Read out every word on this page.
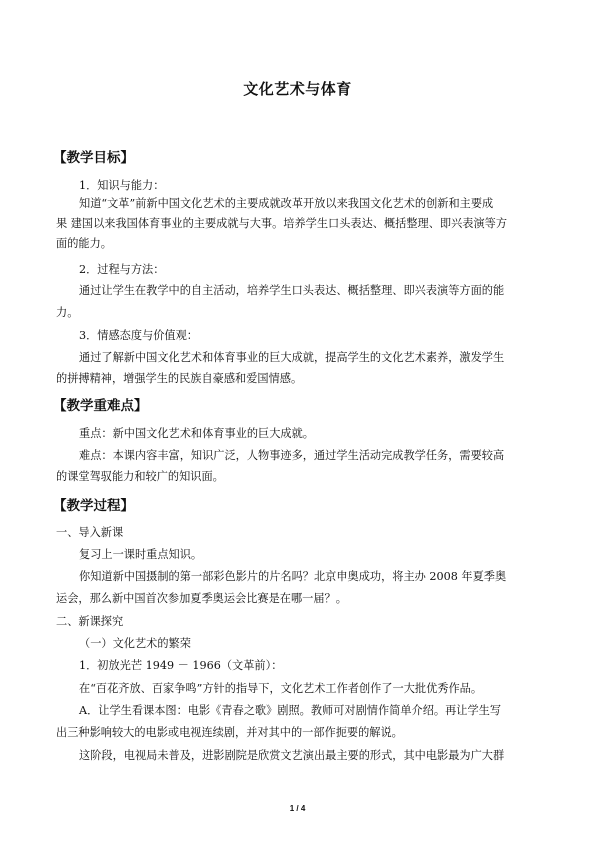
文化艺术与体育
【教学目标】
1．知识与能力：
知道“文革”前新中国文化艺术的主要成就改革开放以来我国文化艺术的创新和主要成
果 建国以来我国体育事业的主要成就与大事。培养学生口头表达、概括整理、即兴表演等方
面的能力。
2．过程与方法：
通过让学生在教学中的自主活动，培养学生口头表达、概括整理、即兴表演等方面的能
力。
3．情感态度与价值观：
通过了解新中国文化艺术和体育事业的巨大成就，提高学生的文化艺术素养，激发学生
的拼搏精神，增强学生的民族自豪感和爱国情感。
【教学重难点】
重点：新中国文化艺术和体育事业的巨大成就。
难点：本课内容丰富，知识广泛，人物事迹多，通过学生活动完成教学任务，需要较高
的课堂驾驭能力和较广的知识面。
【教学过程】
一、导入新课
复习上一课时重点知识。
你知道新中国摄制的第一部彩色影片的片名吗？北京申奥成功，将主办 2008 年夏季奥
运会，那么新中国首次参加夏季奥运会比赛是在哪一届？。
二、新课探究
（一）文化艺术的繁荣
1．初放光芒 1949 － 1966（文革前）：
在“百花齐放、百家争鸣”方针的指导下，文化艺术工作者创作了一大批优秀作品。
A．让学生看课本图：电影《青春之歌》剧照。教师可对剧情作简单介绍。再让学生写
出三种影响较大的电影或电视连续剧，并对其中的一部作扼要的解说。
这阶段，电视局未普及，进影剧院是欣赏文艺演出最主要的形式，其中电影最为广大群
1 / 4
